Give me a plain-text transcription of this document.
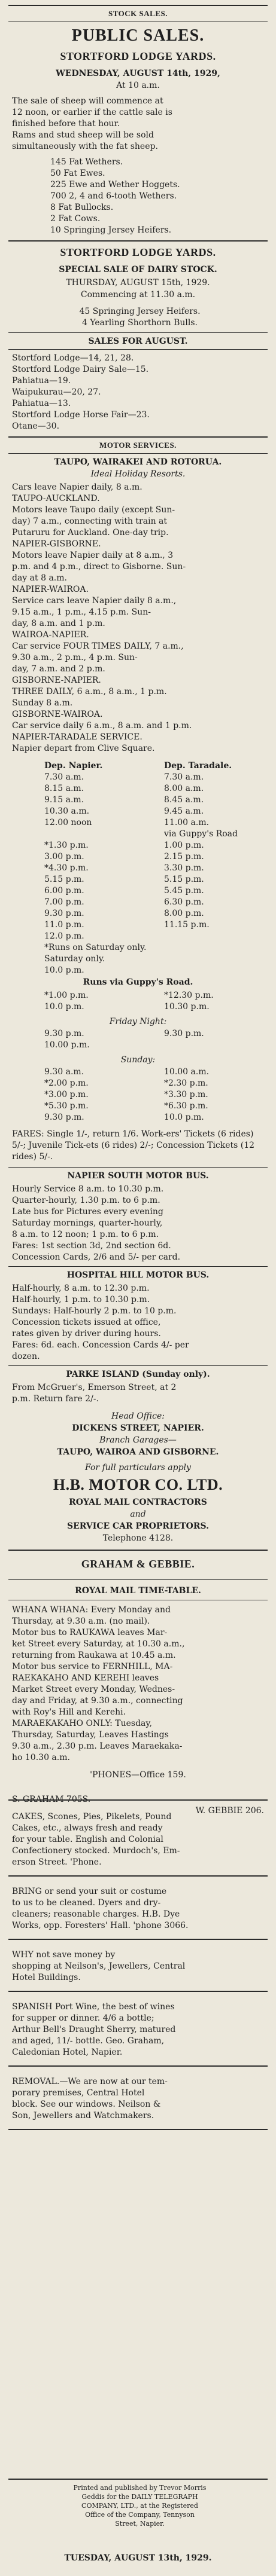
STOCK SALES.
PUBLIC SALES.
STORTFORD LODGE YARDS.
WEDNESDAY, AUGUST 14th, 1929,
At 10 a.m.
The sale of sheep will commence at
12 noon, or earlier if the cattle sale is
finished before that hour.
Rams and stud sheep will be sold
simultaneously with the fat sheep.
145 Fat Wethers.
50 Fat Ewes.
225 Ewe and Wether Hoggets.
700 2, 4 and 6-tooth Wethers.
8 Fat Bullocks.
2 Fat Cows.
10 Springing Jersey Heifers.
STORTFORD LODGE YARDS.
SPECIAL SALE OF DAIRY STOCK.
THURSDAY, AUGUST 15th, 1929.
Commencing at 11.30 a.m.
45 Springing Jersey Heifers.
4 Yearling Shorthorn Bulls.
SALES FOR AUGUST.
Stortford Lodge—14, 21, 28.
Stortford Lodge Dairy Sale—15.
Pahiatua—19.
Waipukurau—20, 27.
Pahiatua—13.
Stortford Lodge Horse Fair—23.
Otane—30.
MOTOR SERVICES.
TAUPO, WAIRAKEI AND ROTORUA.
Ideal Holiday Resorts.
Cars leave Napier daily, 8 a.m.
TAUPO-AUCKLAND.
Motors leave Taupo daily (except Sun-
day) 7 a.m., connecting with train at
Putaruru for Auckland. One-day trip.
NAPIER-GISBORNE.
Motors leave Napier daily at 8 a.m., 3
p.m. and 4 p.m., direct to Gisborne. Sun-
day at 8 a.m.
NAPIER-WAIROA.
Service cars leave Napier daily 8 a.m.,
9.15 a.m., 1 p.m., 4.15 p.m. Sun-
day, 8 a.m. and 1 p.m.
WAIROA-NAPIER.
Car service FOUR TIMES DAILY, 7 a.m.,
9.30 a.m., 2 p.m., 4 p.m. Sun-
day, 7 a.m. and 2 p.m.
GISBORNE-NAPIER.
THREE DAILY, 6 a.m., 8 a.m., 1 p.m.
Sunday 8 a.m.
GISBORNE-WAIROA.
Car service daily 6 a.m., 8 a.m. and 1 p.m.
NAPIER-TARADALE SERVICE.
Napier depart from Clive Square.
Dep. Napier.	Dep. Taradale.
7.30 a.m.	7.30 a.m.
8.15 a.m.	8.00 a.m.
9.15 a.m.	8.45 a.m.
10.30 a.m.	9.45 a.m.
12.00 noon	11.00 a.m.
via Guppy's Road
*1.30 p.m.	1.00 p.m.
3.00 p.m.	2.15 p.m.
*4.30 p.m.	3.30 p.m.
5.15 p.m.	5.15 p.m.
6.00 p.m.	5.45 p.m.
7.00 p.m.	6.30 p.m.
9.30 p.m.	8.00 p.m.
11.0 p.m.	11.15 p.m.
12.0 p.m.
*Runs on Saturday only.
Saturday only.
10.0 p.m.
Runs via Guppy's Road.
*1.00 p.m.	*12.30 p.m.
10.0 p.m.	10.30 p.m.
Friday Night:
9.30 p.m.	9.30 p.m.
10.00 p.m.
Sunday:
9.30 a.m.	10.00 a.m.
*2.00 p.m.	*2.30 p.m.
*3.00 p.m.	*3.30 p.m.
*5.30 p.m.	*6.30 p.m.
9.30 p.m.	10.0 p.m.
FARES: Single 1/-, return 1/6. Work-ers' Tickets (6 rides) 5/-; Juvenile Tick-ets (6 rides) 2/-; Concession Tickets (12 rides) 5/-.
NAPIER SOUTH MOTOR BUS.
Hourly Service 8 a.m. to 10.30 p.m.
Quarter-hourly, 1.30 p.m. to 6 p.m.
Late bus for Pictures every evening
Saturday mornings, quarter-hourly,
8 a.m. to 12 noon; 1 p.m. to 6 p.m.
Fares: 1st section 3d, 2nd section 6d.
Concession Cards, 2/6 and 5/- per card.
HOSPITAL HILL MOTOR BUS.
Half-hourly, 8 a.m. to 12.30 p.m.
Half-hourly, 1 p.m. to 10.30 p.m.
Sundays: Half-hourly 2 p.m. to 10 p.m.
Concession tickets issued at office,
rates given by driver during hours.
Fares: 6d. each. Concession Cards 4/- per
dozen.
PARKE ISLAND (Sunday only).
From McGruer's, Emerson Street, at 2
p.m. Return fare 2/-.
Head Office:
DICKENS STREET, NAPIER.
Branch Garages—
TAUPO, WAIROA AND GISBORNE.
For full particulars apply
H.B. MOTOR CO. LTD.
ROYAL MAIL CONTRACTORS
and
SERVICE CAR PROPRIETORS.
Telephone 4128.
GRAHAM & GEBBIE.
ROYAL MAIL TIME-TABLE.
WHANA WHANA: Every Monday and
Thursday, at 9.30 a.m. (no mail).
Motor bus to RAUKAWA leaves Mar-
ket Street every Saturday, at 10.30 a.m.,
returning from Raukawa at 10.45 a.m.
Motor bus service to FERNHILL, MA-
RAEKAKAHO AND KEREHI leaves
Market Street every Monday, Wednes-
day and Friday, at 9.30 a.m., connecting
with Roy's Hill and Kerehi.
MARAEKAKAHO ONLY: Tuesday,
Thursday, Saturday, Leaves Hastings
9.30 a.m., 2.30 p.m. Leaves Maraekaka-
ho 10.30 a.m.
'PHONES—Office 159.

S. GRAHAM 705S.

W. GEBBIE 206.

CAKES, Scones, Pies, Pikelets, Pound
Cakes, etc., always fresh and ready
for your table. English and Colonial
Confectionery stocked. Murdoch's, Em-
erson Street. 'Phone.
BRING or send your suit or costume
to us to be cleaned. Dyers and dry-
cleaners; reasonable charges. H.B. Dye
Works, opp. Foresters' Hall. 'phone 3066.
WHY not save money by
shopping at Neilson's, Jewellers, Central
Hotel Buildings.
SPANISH Port Wine, the best of wines
for supper or dinner. 4/6 a bottle;
Arthur Bell's Draught Sherry, matured
and aged, 11/- bottle. Geo. Graham,
Caledonian Hotel, Napier.
REMOVAL.—We are now at our tem-
porary premises, Central Hotel
block. See our windows. Neilson &
Son, Jewellers and Watchmakers.
Printed and published by Trevor Morris
Geddis for the DAILY TELEGRAPH
COMPANY, LTD., at the Registered
Office of the Company, Tennyson
Street, Napier.
TUESDAY, AUGUST 13th, 1929.
